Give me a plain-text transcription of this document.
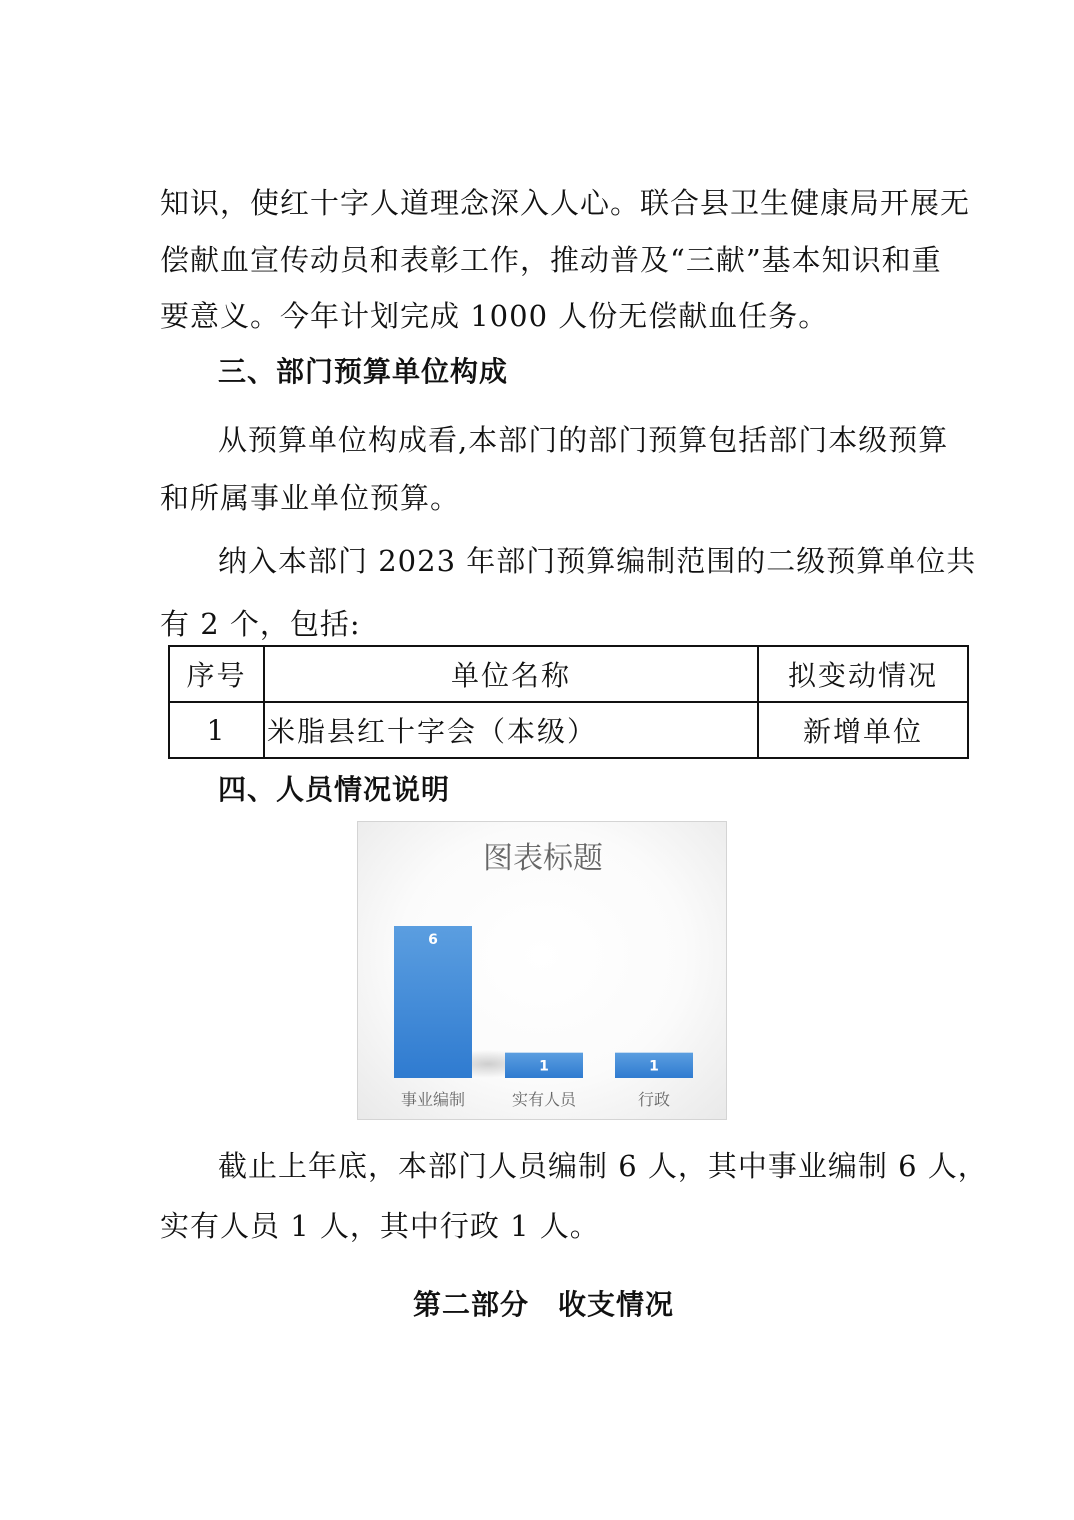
知识，使红十字人道理念深入人心。联合县卫生健康局开展无
偿献血宣传动员和表彰工作，推动普及“三献”基本知识和重
要意义。今年计划完成 1000 人份无偿献血任务。
三、部门预算单位构成
从预算单位构成看,本部门的部门预算包括部门本级预算
和所属事业单位预算。
纳入本部门 2023 年部门预算编制范围的二级预算单位共
有 2 个，包括:
序号	单位名称	拟变动情况
1	米脂县红十字会（本级）	新增单位
四、人员情况说明
图表标题
6
事业编制
1
实有人员
1
行政
截止上年底，本部门人员编制 6 人，其中事业编制 6 人，
实有人员 1 人，其中行政 1 人。
第二部分　收支情况
